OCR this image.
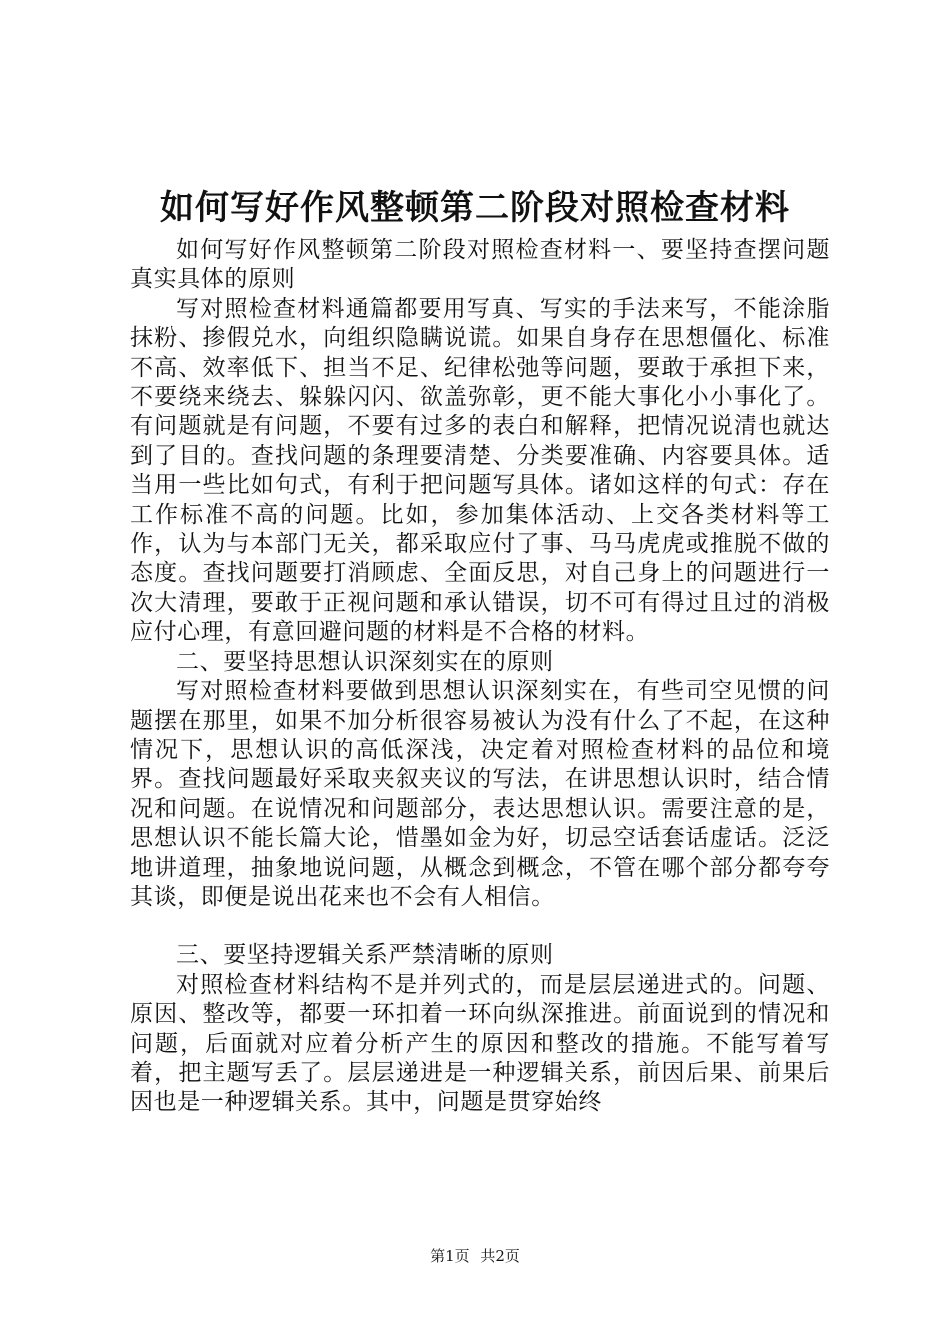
如何写好作风整顿第二阶段对照检查材料

如何写好作风整顿第二阶段对照检查材料一、要坚持查摆问题真实具体的原则

写对照检查材料通篇都要用写真、写实的手法来写，不能涂脂抹粉、掺假兑水，向组织隐瞒说谎。如果自身存在思想僵化、标准不高、效率低下、担当不足、纪律松弛等问题，要敢于承担下来，不要绕来绕去、躲躲闪闪、欲盖弥彰，更不能大事化小小事化了。有问题就是有问题，不要有过多的表白和解释，把情况说清也就达到了目的。查找问题的条理要清楚、分类要准确、内容要具体。适当用一些比如句式，有利于把问题写具体。诸如这样的句式：存在工作标准不高的问题。比如，参加集体活动、上交各类材料等工作，认为与本部门无关，都采取应付了事、马马虎虎或推脱不做的态度。查找问题要打消顾虑、全面反思，对自己身上的问题进行一次大清理，要敢于正视问题和承认错误，切不可有得过且过的消极应付心理，有意回避问题的材料是不合格的材料。

二、要坚持思想认识深刻实在的原则

写对照检查材料要做到思想认识深刻实在，有些司空见惯的问题摆在那里，如果不加分析很容易被认为没有什么了不起，在这种情况下，思想认识的高低深浅，决定着对照检查材料的品位和境界。查找问题最好采取夹叙夹议的写法，在讲思想认识时，结合情况和问题。在说情况和问题部分，表达思想认识。需要注意的是，思想认识不能长篇大论，惜墨如金为好，切忌空话套话虚话。泛泛地讲道理，抽象地说问题，从概念到概念，不管在哪个部分都夸夸其谈，即便是说出花来也不会有人相信。

三、要坚持逻辑关系严禁清晰的原则

对照检查材料结构不是并列式的，而是层层递进式的。问题、原因、整改等，都要一环扣着一环向纵深推进。前面说到的情况和问题，后面就对应着分析产生的原因和整改的措施。不能写着写着，把主题写丢了。层层递进是一种逻辑关系，前因后果、前果后因也是一种逻辑关系。其中，问题是贯穿始终

第1页 共2页
